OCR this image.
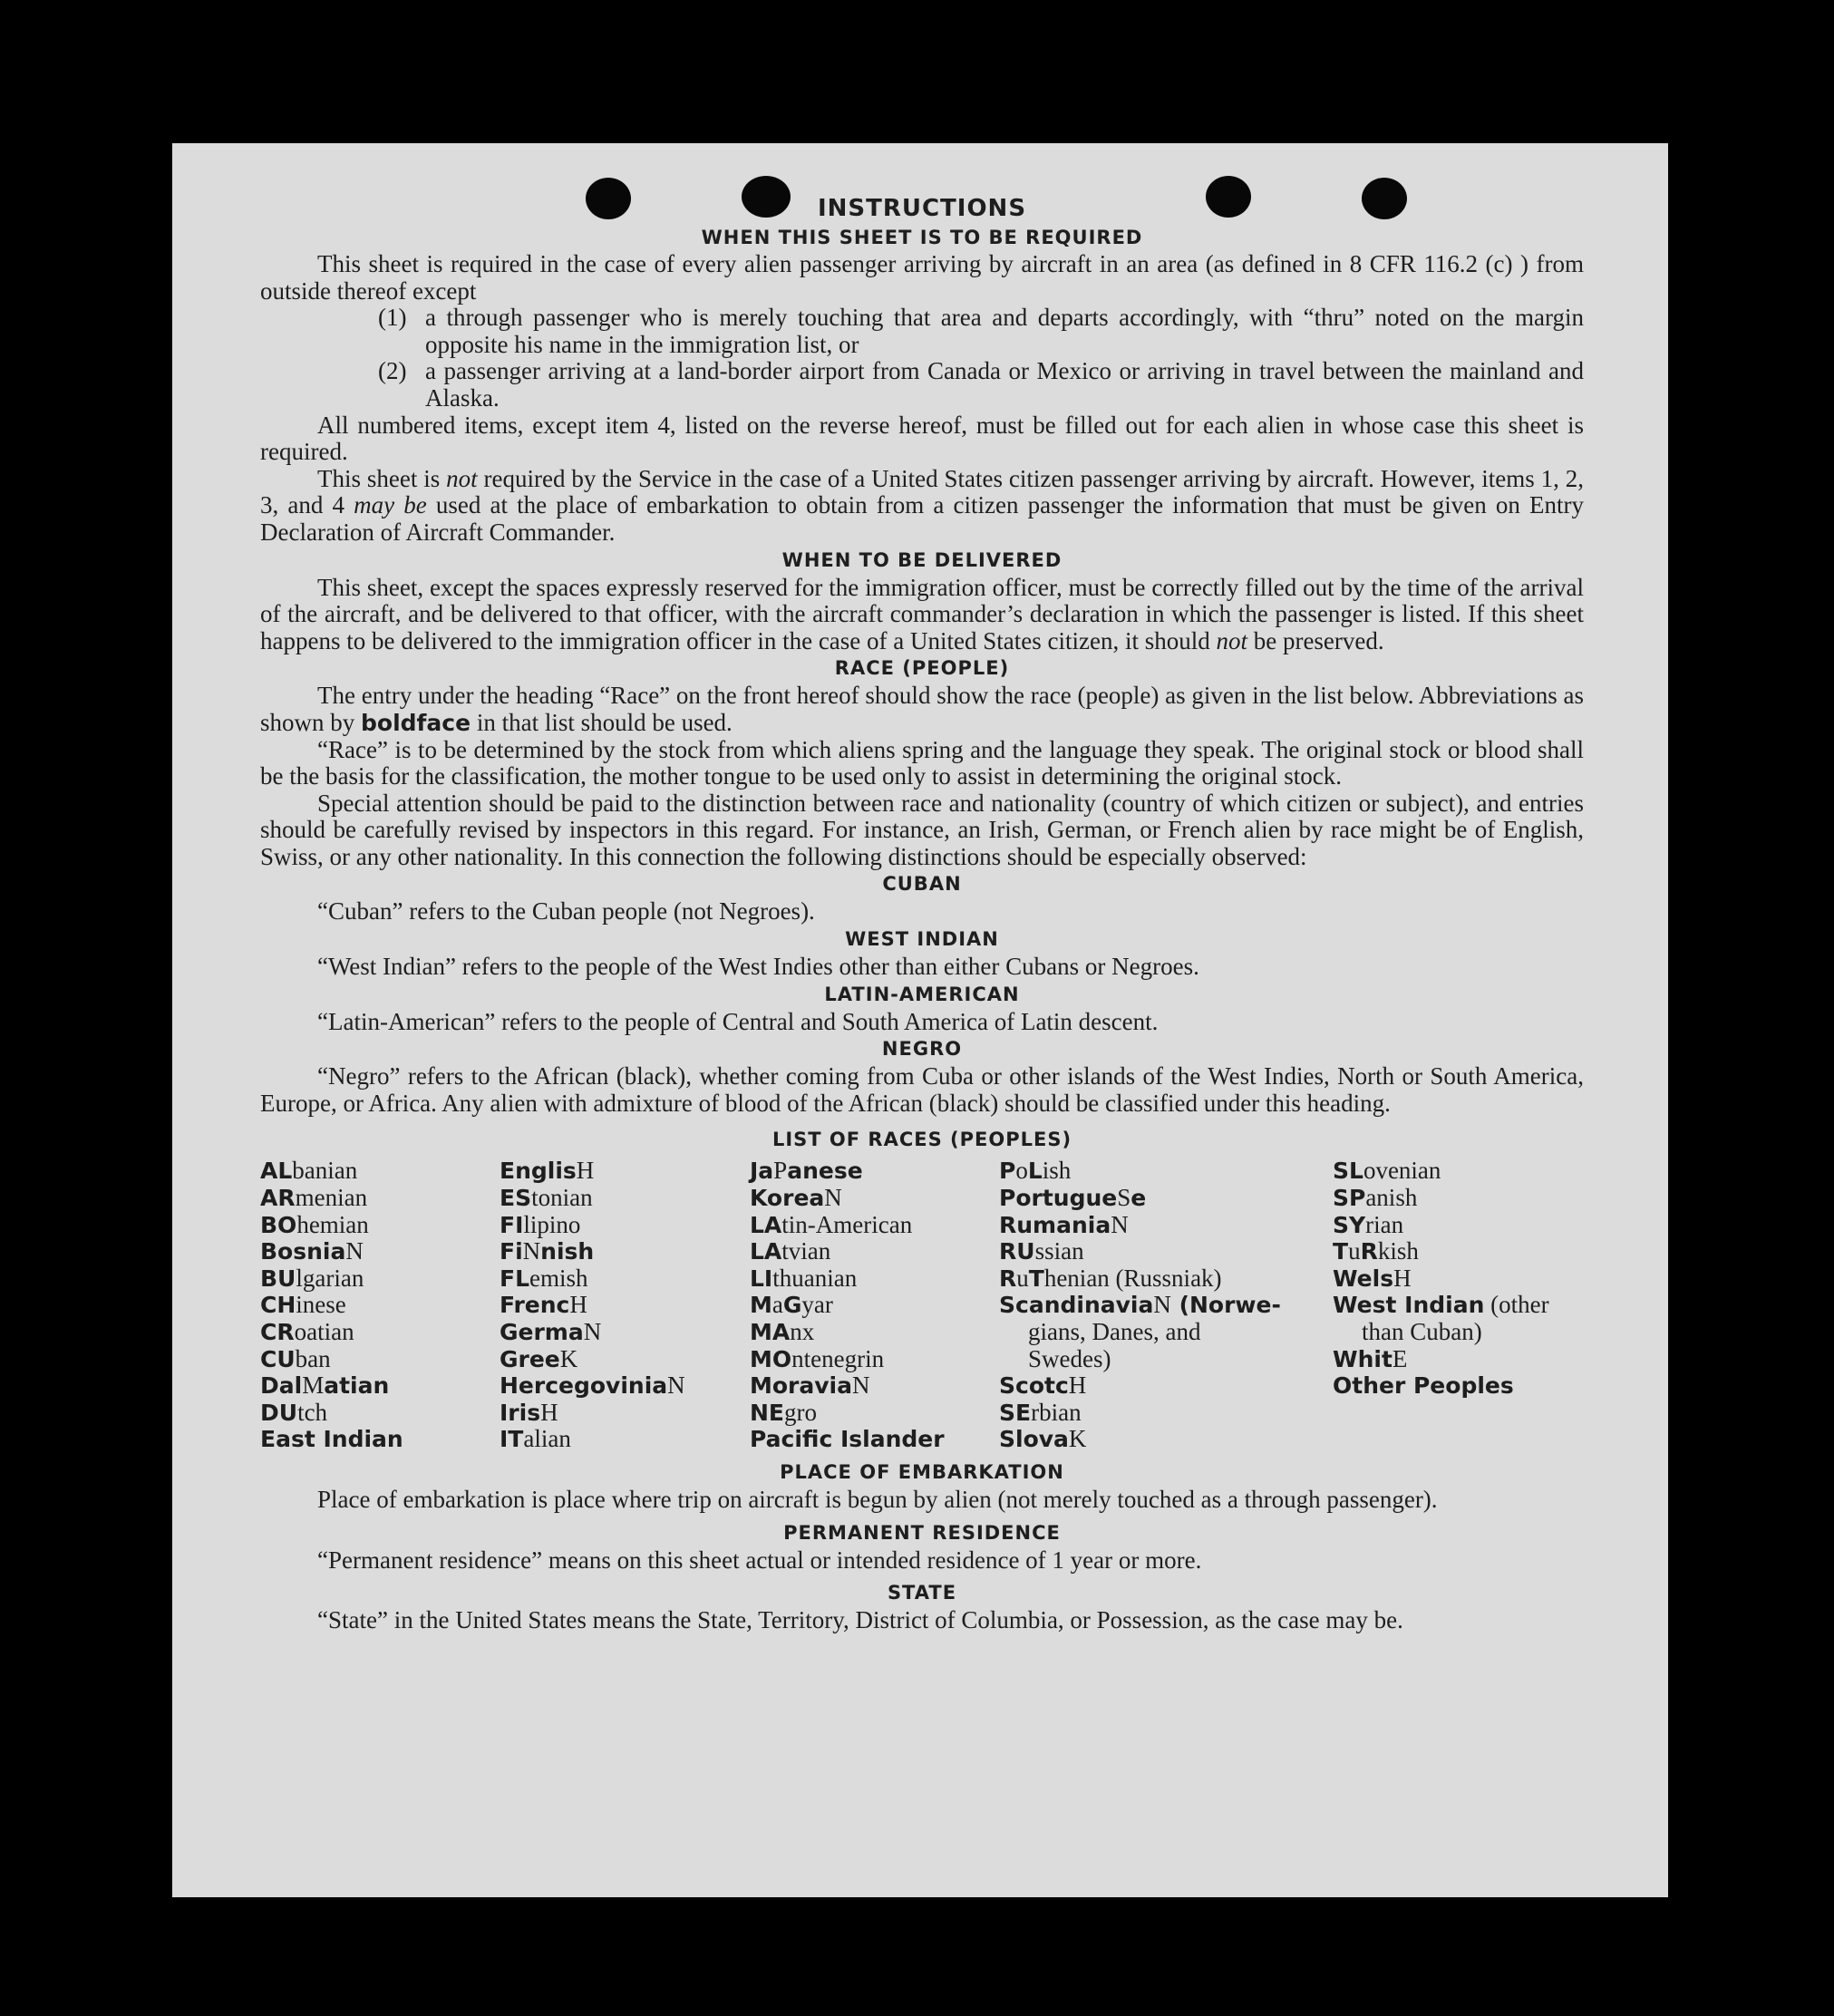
INSTRUCTIONS
WHEN THIS SHEET IS TO BE REQUIRED

This sheet is required in the case of every alien passenger arriving by aircraft in an area (as defined in 8 CFR 116.2 (c) ) from outside thereof except

(1) a through passenger who is merely touching that area and departs accordingly, with “thru” noted on the margin opposite his name in the immigration list, or
(2) a passenger arriving at a land-border airport from Canada or Mexico or arriving in travel between the mainland and Alaska.

All numbered items, except item 4, listed on the reverse hereof, must be filled out for each alien in whose case this sheet is required.

This sheet is not required by the Service in the case of a United States citizen passenger arriving by aircraft. However, items 1, 2, 3, and 4 may be used at the place of embarkation to obtain from a citizen passenger the information that must be given on Entry Declaration of Aircraft Commander.

WHEN TO BE DELIVERED

This sheet, except the spaces expressly reserved for the immigration officer, must be correctly filled out by the time of the arrival of the aircraft, and be delivered to that officer, with the aircraft commander’s declaration in which the passenger is listed. If this sheet happens to be delivered to the immigration officer in the case of a United States citizen, it should not be preserved.

RACE (PEOPLE)

The entry under the heading “Race” on the front hereof should show the race (people) as given in the list below. Abbreviations as shown by boldface in that list should be used.

“Race” is to be determined by the stock from which aliens spring and the language they speak. The original stock or blood shall be the basis for the classification, the mother tongue to be used only to assist in determining the original stock.

Special attention should be paid to the distinction between race and nationality (country of which citizen or subject), and entries should be carefully revised by inspectors in this regard. For instance, an Irish, German, or French alien by race might be of English, Swiss, or any other nationality. In this connection the following distinctions should be especially observed:

CUBAN

“Cuban” refers to the Cuban people (not Negroes).

WEST INDIAN

“West Indian” refers to the people of the West Indies other than either Cubans or Negroes.

LATIN-AMERICAN

“Latin-American” refers to the people of Central and South America of Latin descent.

NEGRO

“Negro” refers to the African (black), whether coming from Cuba or other islands of the West Indies, North or South America, Europe, or Africa. Any alien with admixture of blood of the African (black) should be classified under this heading.

LIST OF RACES (PEOPLES)
ALbanian
ARmenian
BOhemian
BosniaN
BUlgarian
CHinese
CRoatian
CUban
DalMatian
DUtch
East Indian
EnglisH
EStonian
FIlipino
FiNnish
FLemish
FrencH
GermaN
GreeK
HercegoviniaN
IrisH
ITalian
JaPanese
KoreaN
LAtin-American
LAtvian
LIthuanian
MaGyar
MAnx
MOntenegrin
MoraviaN
NEgro
Pacific Islander
PoLish
PortugueSe
RumaniaN
RUssian
RuThenian (Russniak)
ScandinaviaN (Norwe-
gians, Danes, and
Swedes)
ScotcH
SErbian
SlovaK
SLovenian
SPanish
SYrian
TuRkish
WelsH
West Indian (other
than Cuban)
WhitE
Other Peoples
PLACE OF EMBARKATION

Place of embarkation is place where trip on aircraft is begun by alien (not merely touched as a through passenger).

PERMANENT RESIDENCE

“Permanent residence” means on this sheet actual or intended residence of 1 year or more.

STATE

“State” in the United States means the State, Territory, District of Columbia, or Possession, as the case may be.
